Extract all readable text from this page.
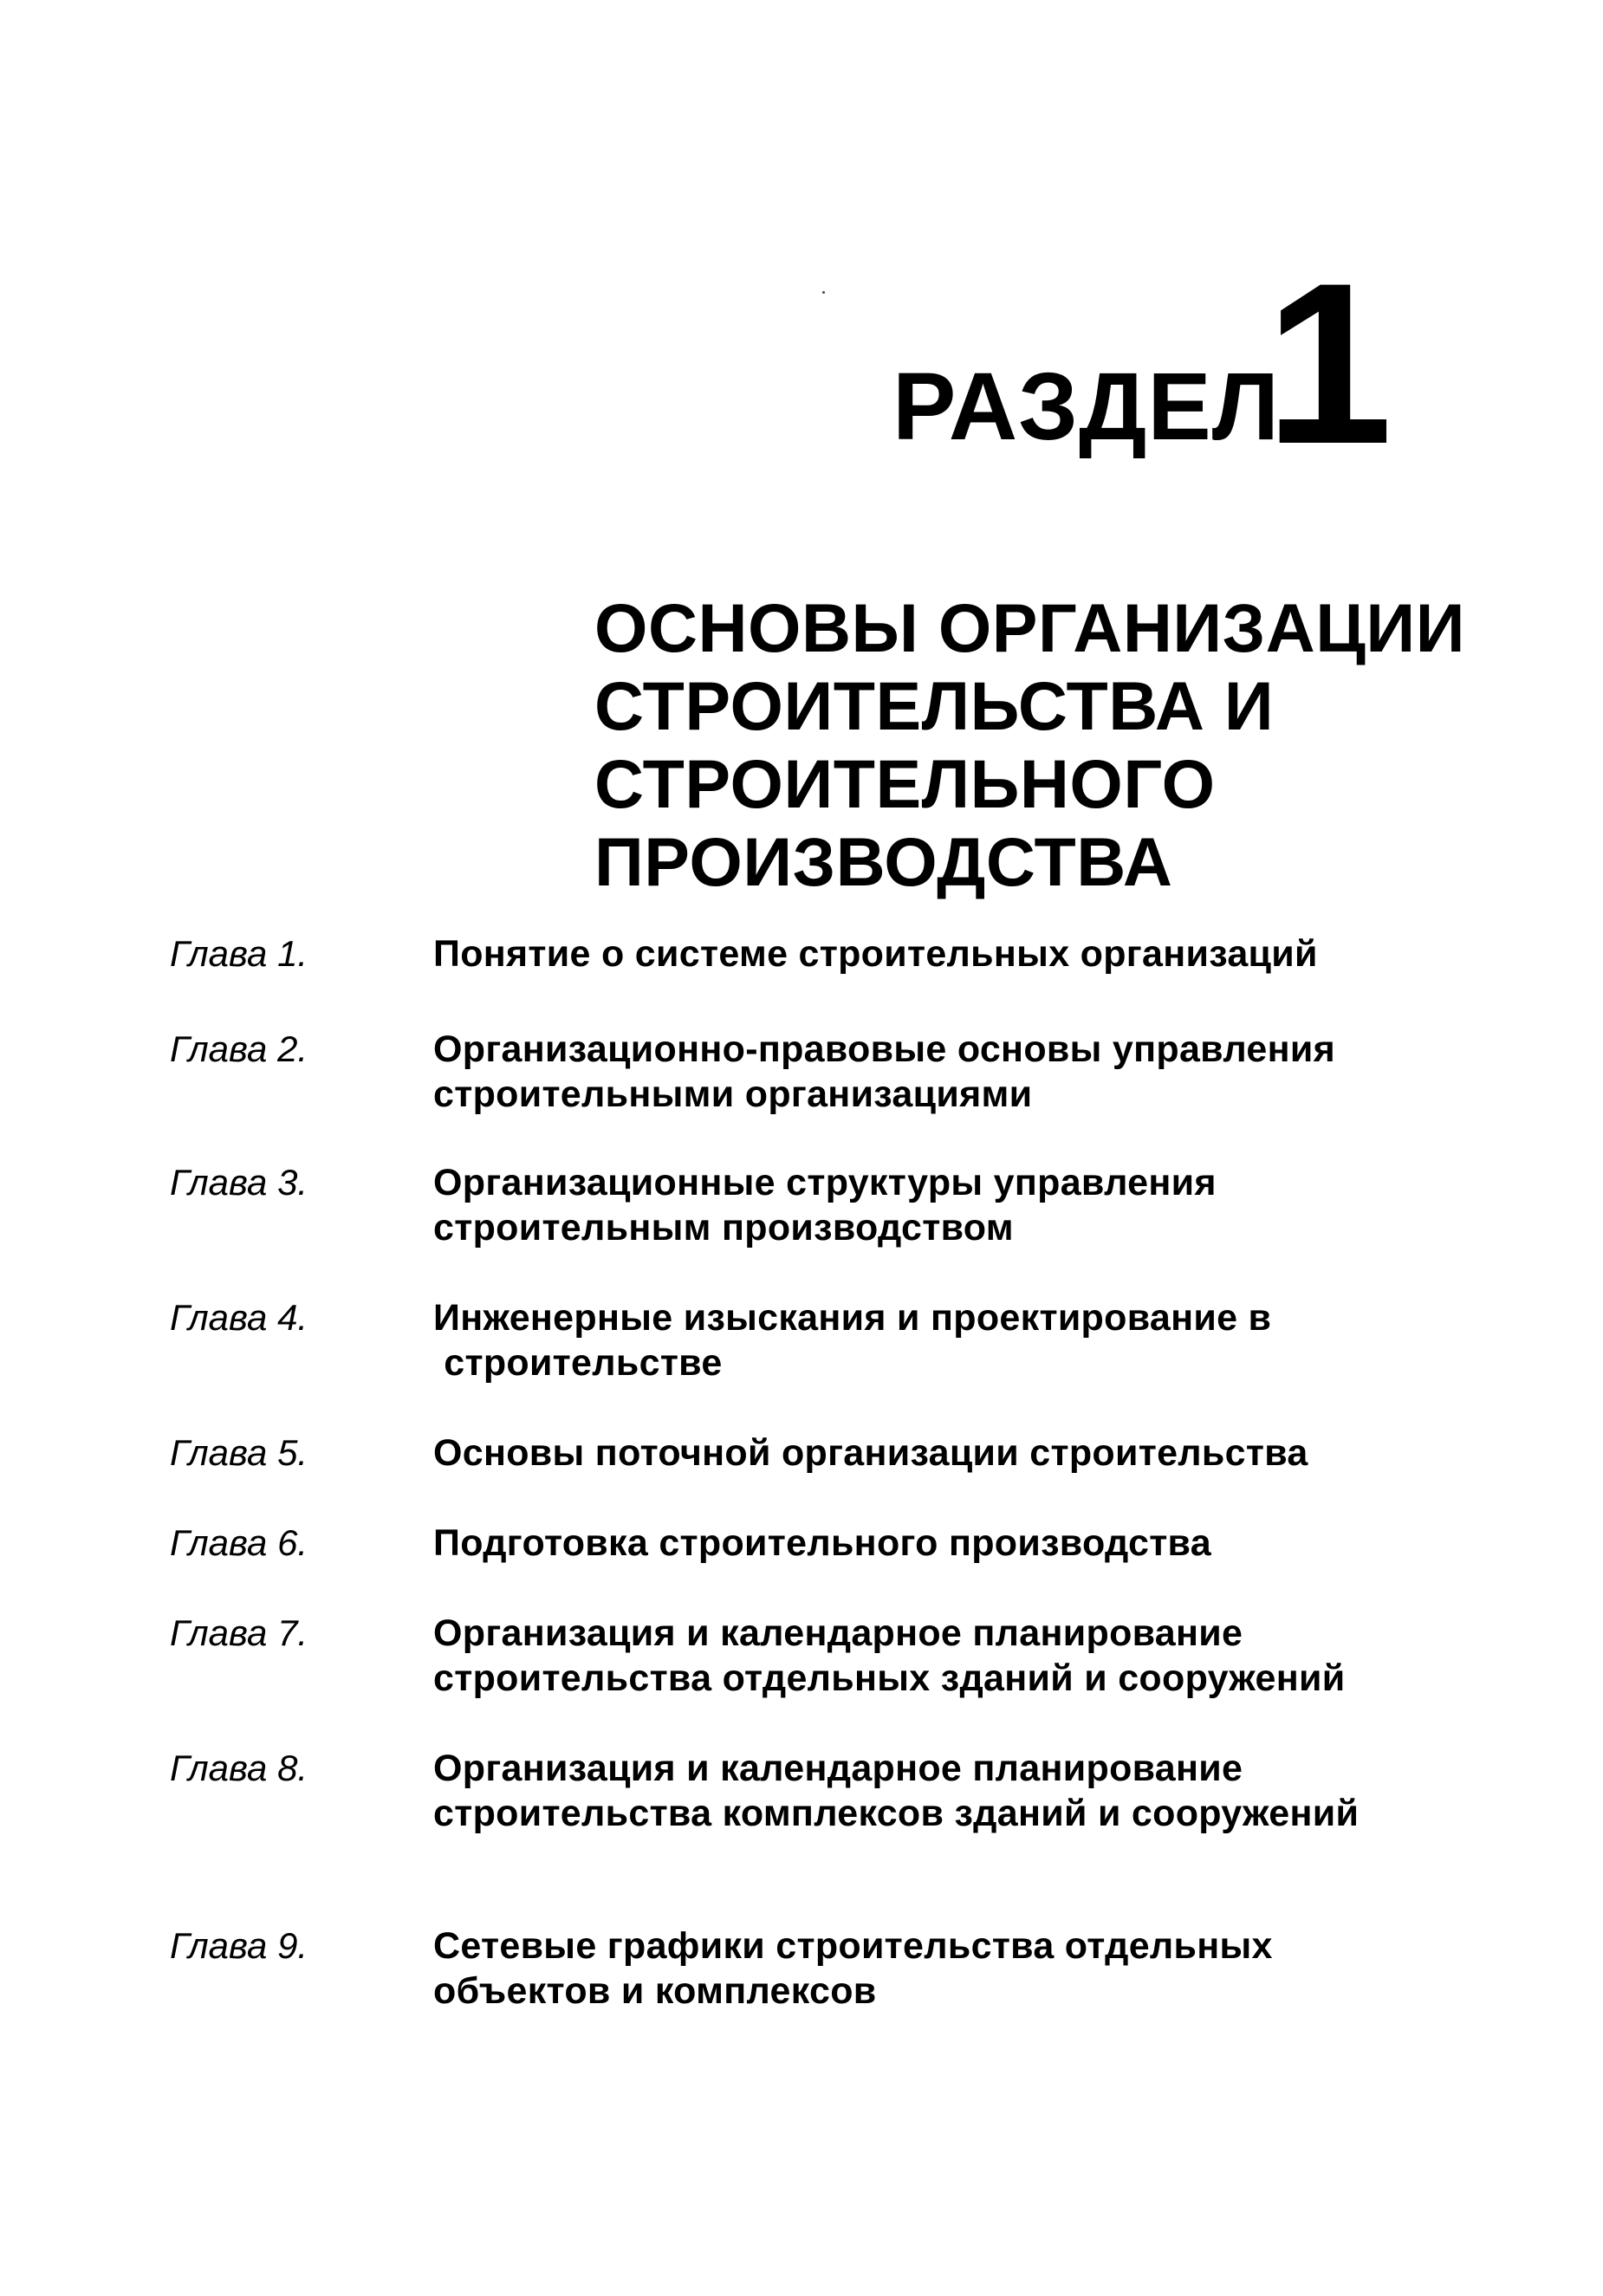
РАЗДЕЛ
1
ОСНОВЫ ОРГАНИЗАЦИИ
СТРОИТЕЛЬСТВА И
СТРОИТЕЛЬНОГО
ПРОИЗВОДСТВА
Глава 1.	Понятие о системе строительных организаций
Глава 2.	Организационно-правовые основы управления
строительными организациями
Глава 3.	Организационные структуры управления
строительным производством
Глава 4.	Инженерные изыскания и проектирование в
строительстве
Глава 5.	Основы поточной организации строительства
Глава 6.	Подготовка строительного производства
Глава 7.	Организация и календарное планирование
строительства отдельных зданий и сооружений
Глава 8.	Организация и календарное планирование
строительства комплексов зданий и сооружений
Глава 9.	Сетевые графики строительства отдельных
объектов и комплексов
